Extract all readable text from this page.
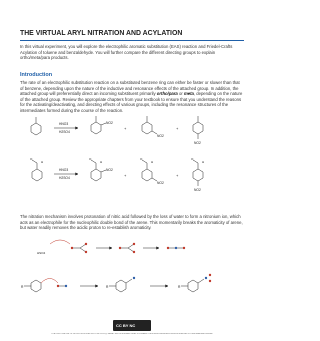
THE VIRTUAL ARYL NITRATION AND ACYLATION

In this virtual experiment, you will explore the electrophilic aromatic substitution (EAS) reaction and Friedel-Crafts Acylation of toluene and benzaldehyde. You will further compare the different directing groups to explain ortho/meta/para products.

Introduction

The rate of an electrophilic substitution reaction on a substituted benzene ring can either be faster or slower than that of benzene, depending upon the nature of the inductive and resonance effects of the attached group. In addition, the attached group will preferentially direct an incoming substituent primarily ortho/para or meta, depending on the nature of the attached group. Review the appropriate chapters from your textbook to ensure that you understand the reasons for the activating/deactivating, and directing effects of various groups, including the resonance structures of the intermediates formed during the course of the reaction.

HNO3
H2SO4
NO2
+
NO2
+
NO2
O
H
HNO3
H2SO4
O
H
NO2
+
O
H
NO2
+
O
H
NO2
HSO4
R	R	R

The nitration mechanism involves protonation of nitric acid followed by the loss of water to form a nitronium ion, which acts as an electrophile for the nucleophilic double bond of the arene. This momentarily breaks the aromaticity of arene, but water readily removes the acidic proton to re-establish aromaticity.

CC BY NC
THE VIRTUAL ARYL NITRATION AND ACYLATION by Susan Sun is licensed under a Creative Commons Attribution-NonCommercial 4.0 International License.
